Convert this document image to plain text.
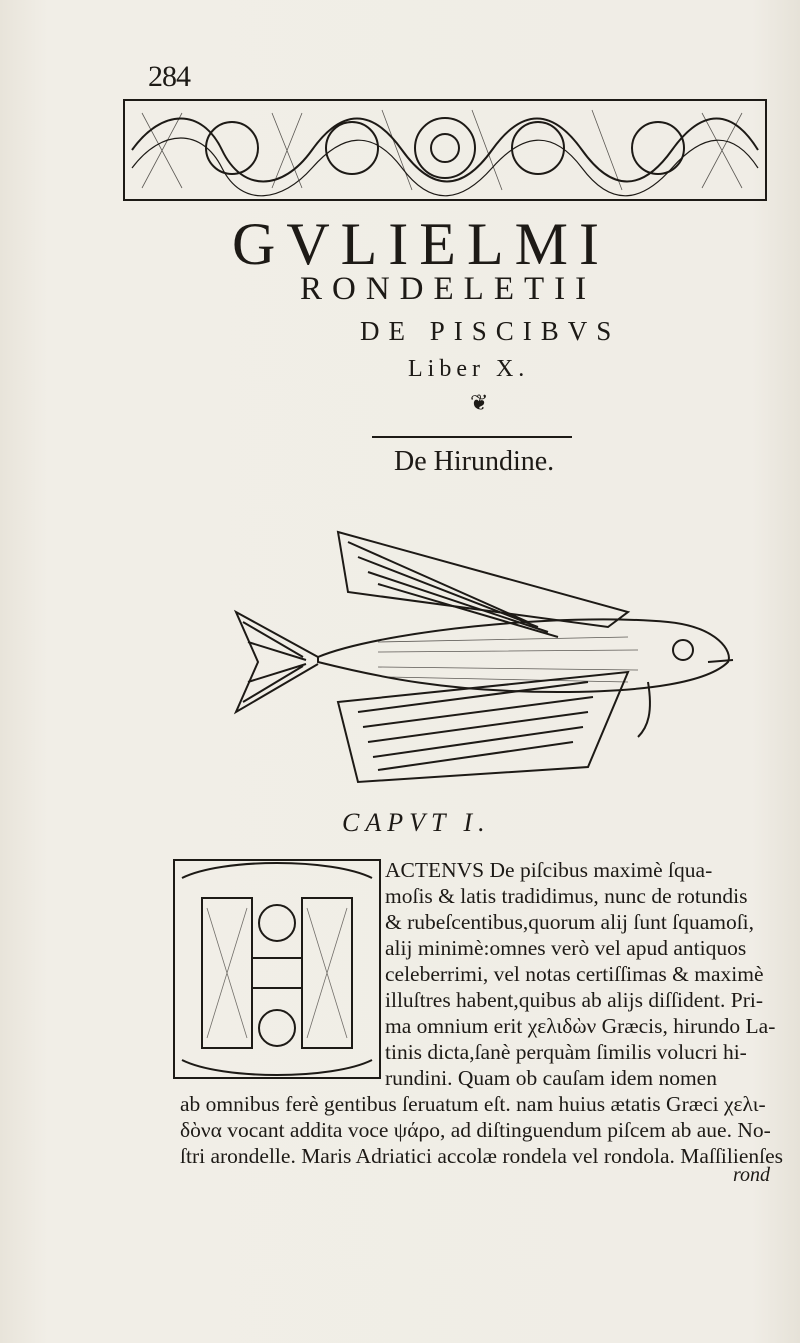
284
GVLIELMI
RONDELETII
DE PISCIBVS
Liber X.
❦
De Hirundine.
CAPVT I.
ACTENVS De piſcibus maximè ſqua-
moſis & latis tradidimus, nunc de rotundis
& rubeſcentibus,quorum alij ſunt ſquamoſi,
alij minimè:omnes verò vel apud antiquos
celeberrimi, vel notas certiſſimas & maximè
illuſtres habent,quibus ab alijs diſſident. Pri-
ma omnium erit χελιδὼν Græcis, hirundo La-
tinis dicta,ſanè perquàm ſimilis volucri hi-
rundini. Quam ob cauſam idem nomen
ab omnibus ferè gentibus ſeruatum eſt. nam huius ætatis Græci χελι-
δὸνα vocant addita voce ψάρο, ad diſtinguendum piſcem ab aue. No-
ſtri arondelle. Maris Adriatici accolæ rondela vel rondola. Maſſilienſes
rond
